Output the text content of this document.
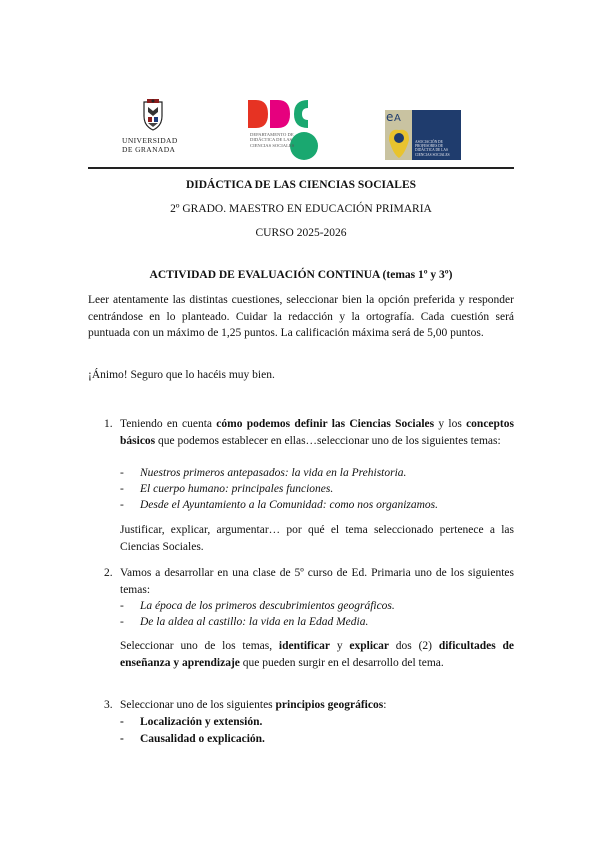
UNIVERSIDAD
DE GRANADA
DEPARTAMENTO DE DIDÁCTICA DE LAS CIENCIAS SOCIALES
e A
ASOCIACIÓN DE PROFESORES DE DIDÁCTICA DE LAS CIENCIAS SOCIALES
DIDÁCTICA DE LAS CIENCIAS SOCIALES
2º GRADO. MAESTRO EN EDUCACIÓN PRIMARIA
CURSO 2025-2026
ACTIVIDAD DE EVALUACIÓN CONTINUA (temas 1º y 3º)
Leer atentamente las distintas cuestiones, seleccionar bien la opción preferida y responder centrándose en lo planteado. Cuidar la redacción y la ortografía. Cada cuestión será puntuada con un máximo de 1,25 puntos. La calificación máxima será de 5,00 puntos.
¡Ánimo! Seguro que lo hacéis muy bien.
1. Teniendo en cuenta cómo podemos definir las Ciencias Sociales y los conceptos básicos que podemos establecer en ellas…seleccionar uno de los siguientes temas:
- Nuestros primeros antepasados: la vida en la Prehistoria.
- El cuerpo humano: principales funciones.
- Desde el Ayuntamiento a la Comunidad: como nos organizamos.
Justificar, explicar, argumentar… por qué el tema seleccionado pertenece a las Ciencias Sociales.
2. Vamos a desarrollar en una clase de 5º curso de Ed. Primaria uno de los siguientes temas:
- La época de los primeros descubrimientos geográficos.
- De la aldea al castillo: la vida en la Edad Media.
Seleccionar uno de los temas, identificar y explicar dos (2) dificultades de enseñanza y aprendizaje que pueden surgir en el desarrollo del tema.
3. Seleccionar uno de los siguientes principios geográficos:
- Localización y extensión.
- Causalidad o explicación.
